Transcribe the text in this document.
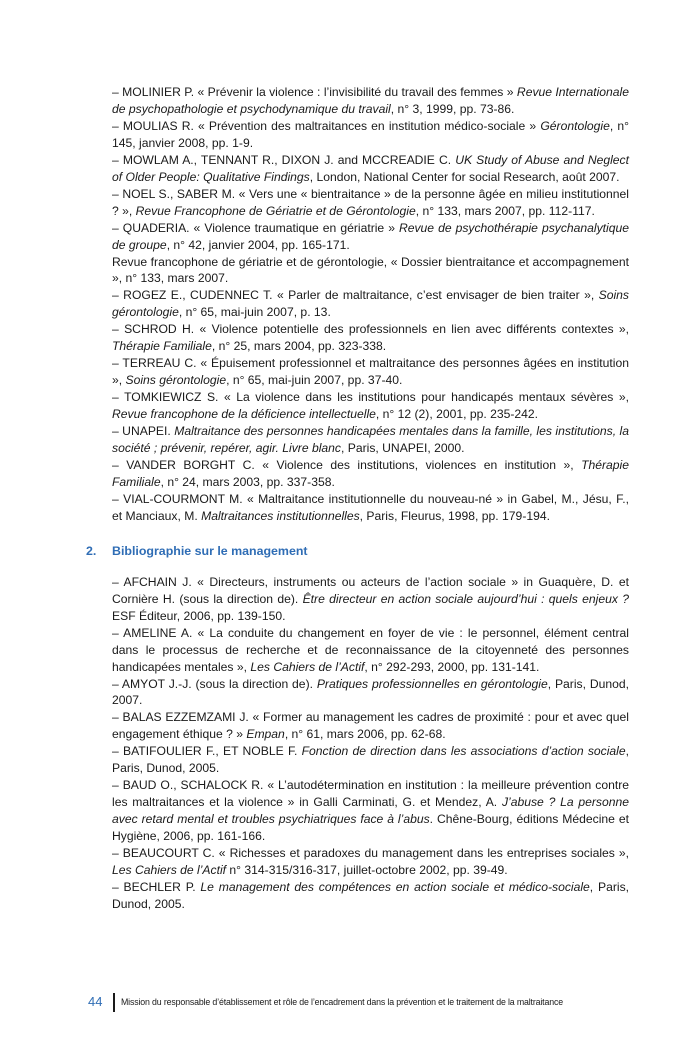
– MOLINIER P. « Prévenir la violence : l’invisibilité du travail des femmes » Revue Internationale de psychopathologie et psychodynamique du travail, n° 3, 1999, pp. 73-86.

– MOULIAS R. « Prévention des maltraitances en institution médico-sociale » Gérontologie, n° 145, janvier 2008, pp. 1-9.

– MOWLAM A., TENNANT R., DIXON J. and MCCREADIE C. UK Study of Abuse and Neglect of Older People: Qualitative Findings, London, National Center for social Research, août 2007.

– NOEL S., SABER M. « Vers une « bientraitance » de la personne âgée en milieu institutionnel ? », Revue Francophone de Gériatrie et de Gérontologie, n° 133, mars 2007, pp. 112-117.

– QUADERIA. « Violence traumatique en gériatrie » Revue de psychothérapie psychanalytique de groupe, n° 42, janvier 2004, pp. 165-171.

Revue francophone de gériatrie et de gérontologie, « Dossier bientraitance et accompagnement », n° 133, mars 2007.

– ROGEZ E., CUDENNEC T. « Parler de maltraitance, c’est envisager de bien traiter », Soins gérontologie, n° 65, mai-juin 2007, p. 13.

– SCHROD H. « Violence potentielle des professionnels en lien avec différents contextes », Thérapie Familiale, n° 25, mars 2004, pp. 323-338.

– TERREAU C. « Épuisement professionnel et maltraitance des personnes âgées en institution », Soins gérontologie, n° 65, mai-juin 2007, pp. 37-40.

– TOMKIEWICZ S. « La violence dans les institutions pour handicapés mentaux sévères », Revue francophone de la déficience intellectuelle, n° 12 (2), 2001, pp. 235-242.

– UNAPEI. Maltraitance des personnes handicapées mentales dans la famille, les institutions, la société ; prévenir, repérer, agir. Livre blanc, Paris, UNAPEI, 2000.

– VANDER BORGHT C. « Violence des institutions, violences en institution », Thérapie Familiale, n° 24, mars 2003, pp. 337-358.

– VIAL-COURMONT M. « Maltraitance institutionnelle du nouveau-né » in Gabel, M., Jésu, F., et Manciaux, M. Maltraitances institutionnelles, Paris, Fleurus, 1998, pp. 179-194.

2. Bibliographie sur le management

– AFCHAIN J. « Directeurs, instruments ou acteurs de l’action sociale » in Guaquère, D. et Cornière H. (sous la direction de). Être directeur en action sociale aujourd’hui : quels enjeux ? ESF Éditeur, 2006, pp. 139-150.

– AMELINE A. « La conduite du changement en foyer de vie : le personnel, élément central dans le processus de recherche et de reconnaissance de la citoyenneté des personnes handicapées mentales », Les Cahiers de l’Actif, n° 292-293, 2000, pp. 131-141.

– AMYOT J.-J. (sous la direction de). Pratiques professionnelles en gérontologie, Paris, Dunod, 2007.

– BALAS EZZEMZAMI J. « Former au management les cadres de proximité : pour et avec quel engagement éthique ? » Empan, n° 61, mars 2006, pp. 62-68.

– BATIFOULIER F., ET NOBLE F. Fonction de direction dans les associations d’action sociale, Paris, Dunod, 2005.

– BAUD O., SCHALOCK R. « L’autodétermination en institution : la meilleure prévention contre les maltraitances et la violence » in Galli Carminati, G. et Mendez, A. J’abuse ? La personne avec retard mental et troubles psychiatriques face à l’abus. Chêne-Bourg, éditions Médecine et Hygiène, 2006, pp. 161-166.

– BEAUCOURT C. « Richesses et paradoxes du management dans les entreprises sociales », Les Cahiers de l’Actif n° 314-315/316-317, juillet-octobre 2002, pp. 39-49.

– BECHLER P. Le management des compétences en action sociale et médico-sociale, Paris, Dunod, 2005.

44 Mission du responsable d’établissement et rôle de l’encadrement dans la prévention et le traitement de la maltraitance
